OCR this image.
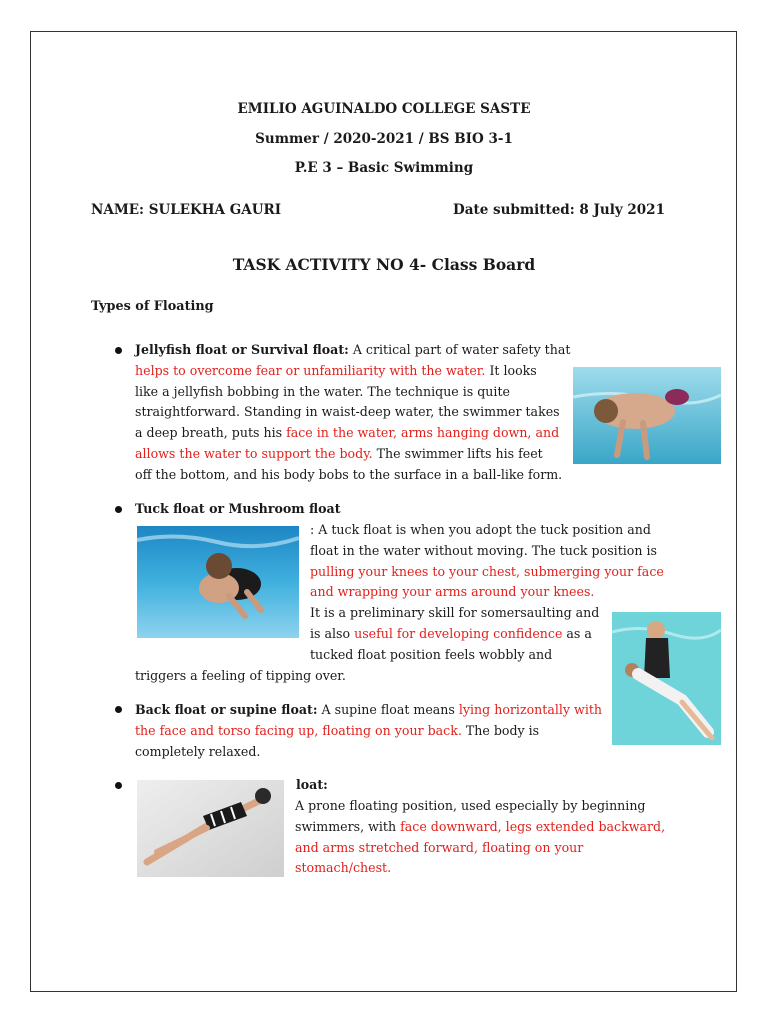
EMILIO AGUINALDO COLLEGE SASTE
Summer / 2020-2021 / BS BIO 3-1
P.E 3 – Basic Swimming
NAME: SULEKHA GAURI	Date submitted: 8 July 2021
TASK ACTIVITY NO 4- Class Board
Types of Floating
Jellyfish float or Survival float: A critical part of water safety that
helps to overcome fear or unfamiliarity with the water. It looks
like a jellyfish bobbing in the water. The technique is quite
straightforward. Standing in waist-deep water, the swimmer takes
a deep breath, puts his face in the water, arms hanging down, and
allows the water to support the body. The swimmer lifts his feet
off the bottom, and his body bobs to the surface in a ball-like form.
Tuck float or Mushroom float
: A tuck float is when you adopt the tuck position and
float in the water without moving. The tuck position is
pulling your knees to your chest, submerging your face
and wrapping your arms around your knees.
It is a preliminary skill for somersaulting and
is also useful for developing confidence as a
tucked float position feels wobbly and
triggers a feeling of tipping over.
Back float or supine float: A supine float means lying horizontally with
the face and torso facing up, floating on your back. The body is
completely relaxed.
loat:
A prone floating position, used especially by beginning
swimmers, with face downward, legs extended backward,
and arms stretched forward, floating on your
stomach/chest.
